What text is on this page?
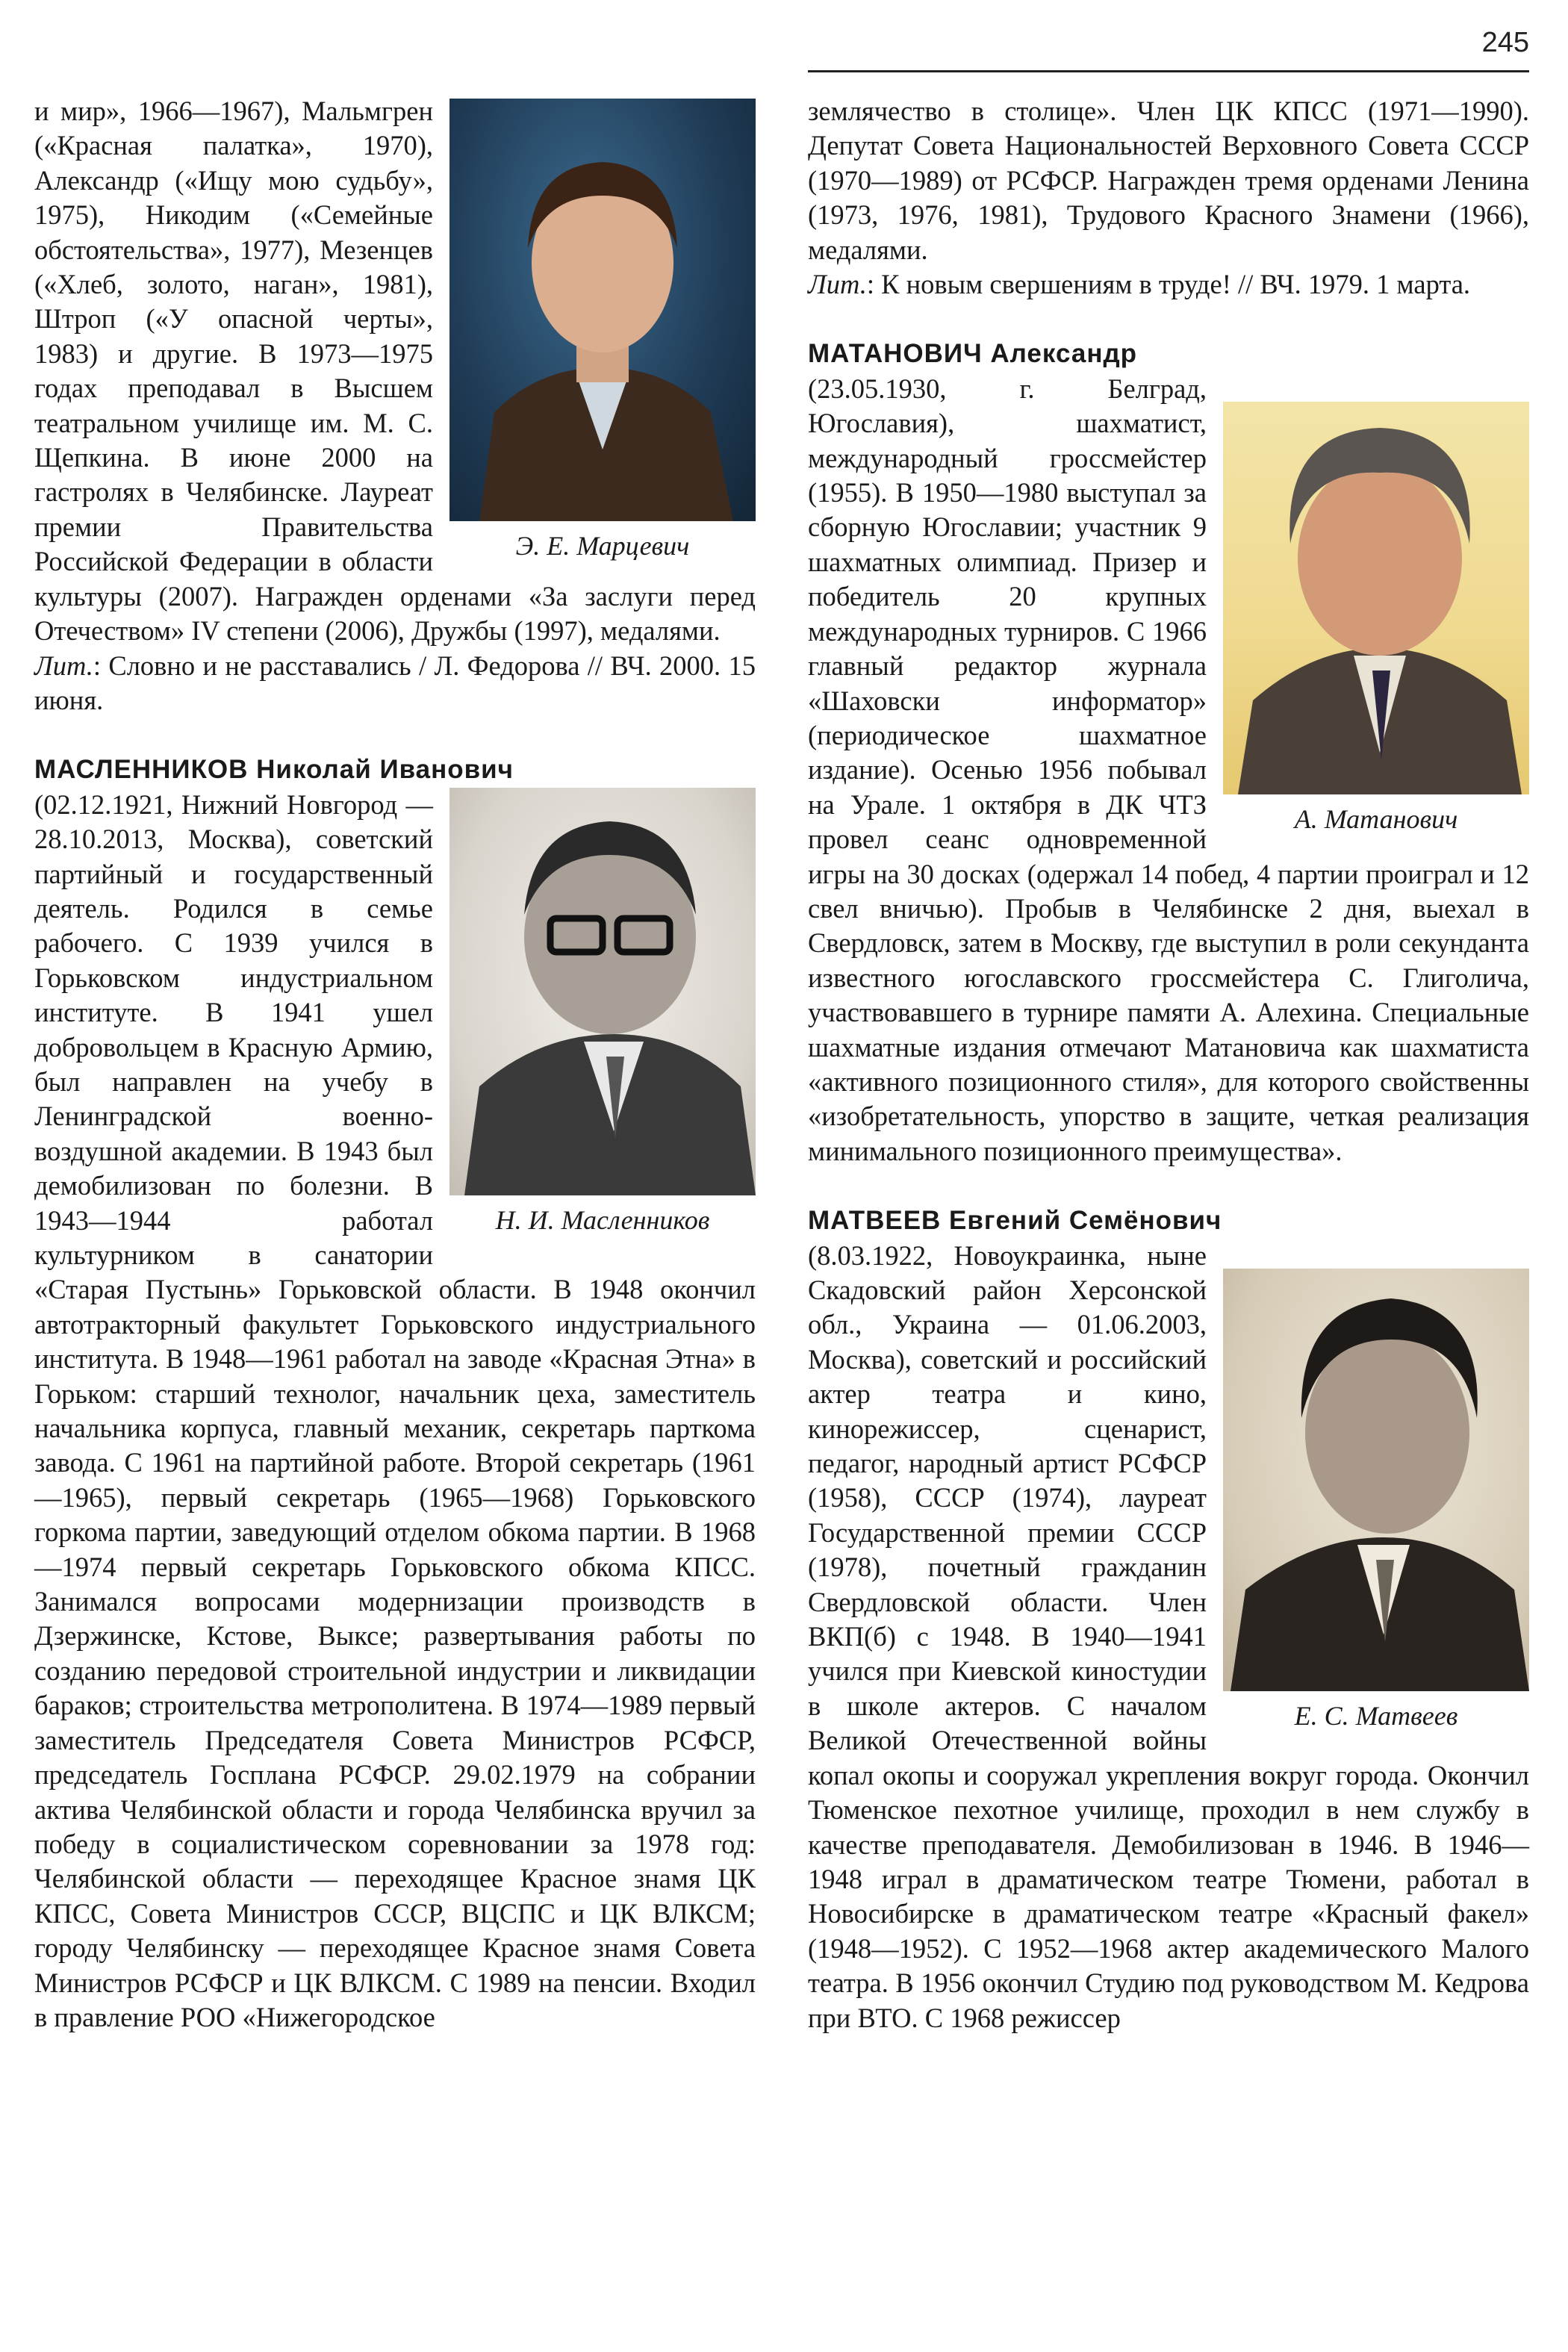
245
Э. Е. Марцевич

и мир», 1966—1967), Мальмгрен («Красная палатка», 1970), Александр («Ищу мою судьбу», 1975), Никодим («Семейные обстоятельства», 1977), Мезенцев («Хлеб, золото, наган», 1981), Штроп («У опасной черты», 1983) и другие. В 1973—1975 годах преподавал в Высшем театральном училище им. М. С. Щепкина. В июне 2000 на гастролях в Челябинске. Лауреат премии Правительства Российской Федерации в области культуры (2007). Награжден орденами «За заслуги перед Отечеством» IV степени (2006), Дружбы (1997), медалями.

Лит.: Словно и не расставались / Л. Федорова // ВЧ. 2000. 15 июня.

МАСЛЕННИКОВ Николай Иванович

Н. И. Масленников

(02.12.1921, Нижний Новгород — 28.10.2013, Москва), советский партийный и государственный деятель. Родился в семье рабочего. С 1939 учился в Горьковском индустриальном институте. В 1941 ушел добровольцем в Красную Армию, был направлен на учебу в Ленинградской военно-воздушной академии. В 1943 был демобилизован по болезни. В 1943—1944 работал культурником в санатории «Старая Пустынь» Горьковской области. В 1948 окончил автотракторный факультет Горьковского индустриального института. В 1948—1961 работал на заводе «Красная Этна» в Горьком: старший технолог, начальник цеха, заместитель начальника корпуса, главный механик, секретарь парткома завода. С 1961 на партийной работе. Второй секретарь (1961—1965), первый секретарь (1965—1968) Горьковского горкома партии, заведующий отделом обкома партии. В 1968—1974 первый секретарь Горьковского обкома КПСС. Занимался вопросами модернизации производств в Дзержинске, Кстове, Выксе; развертывания работы по созданию передовой строительной индустрии и ликвидации бараков; строительства метрополитена. В 1974—1989 первый заместитель Председателя Совета Министров РСФСР, председатель Госплана РСФСР. 29.02.1979 на собрании актива Челябинской области и города Челябинска вручил за победу в социалистическом соревновании за 1978 год: Челябинской области — переходящее Красное знамя ЦК КПСС, Совета Министров СССР, ВЦСПС и ЦК ВЛКСМ; городу Челябинску — переходящее Красное знамя Совета Министров РСФСР и ЦК ВЛКСМ. С 1989 на пенсии. Входил в правление РОО «Нижегородское

землячество в столице». Член ЦК КПСС (1971—1990). Депутат Совета Национальностей Верховного Совета СССР (1970—1989) от РСФСР. Награжден тремя орденами Ленина (1973, 1976, 1981), Трудового Красного Знамени (1966), медалями.

Лит.: К новым свершениям в труде! // ВЧ. 1979. 1 марта.

МАТАНОВИЧ Александр

А. Матанович

(23.05.1930, г. Белград, Югославия), шахматист, международный гроссмейстер (1955). В 1950—1980 выступал за сборную Югославии; участник 9 шахматных олимпиад. Призер и победитель 20 крупных международных турниров. С 1966 главный редактор журнала «Шаховски информатор» (периодическое шахматное издание). Осенью 1956 побывал на Урале. 1 октября в ДК ЧТЗ провел сеанс одновременной игры на 30 досках (одержал 14 побед, 4 партии проиграл и 12 свел вничью). Пробыв в Челябинске 2 дня, выехал в Свердловск, затем в Москву, где выступил в роли секунданта известного югославского гроссмейстера С. Глиголича, участвовавшего в турнире памяти А. Алехина. Специальные шахматные издания отмечают Матановича как шахматиста «активного позиционного стиля», для которого свойственны «изобретательность, упорство в защите, четкая реализация минимального позиционного преимущества».

МАТВЕЕВ Евгений Семёнович

Е. С. Матвеев

(8.03.1922, Новоукраинка, ныне Скадовский район Херсонской обл., Украина — 01.06.2003, Москва), советский и российский актер театра и кино, кинорежиссер, сценарист, педагог, народный артист РСФСР (1958), СССР (1974), лауреат Государственной премии СССР (1978), почетный гражданин Свердловской области. Член ВКП(б) с 1948. В 1940—1941 учился при Киевской киностудии в школе актеров. С началом Великой Отечественной войны копал окопы и сооружал укрепления вокруг города. Окончил Тюменское пехотное училище, проходил в нем службу в качестве преподавателя. Демобилизован в 1946. В 1946—1948 играл в драматическом театре Тюмени, работал в Новосибирске в драматическом театре «Красный факел» (1948—1952). С 1952—1968 актер академического Малого театра. В 1956 окончил Студию под руководством М. Кедрова при ВТО. С 1968 режиссер
